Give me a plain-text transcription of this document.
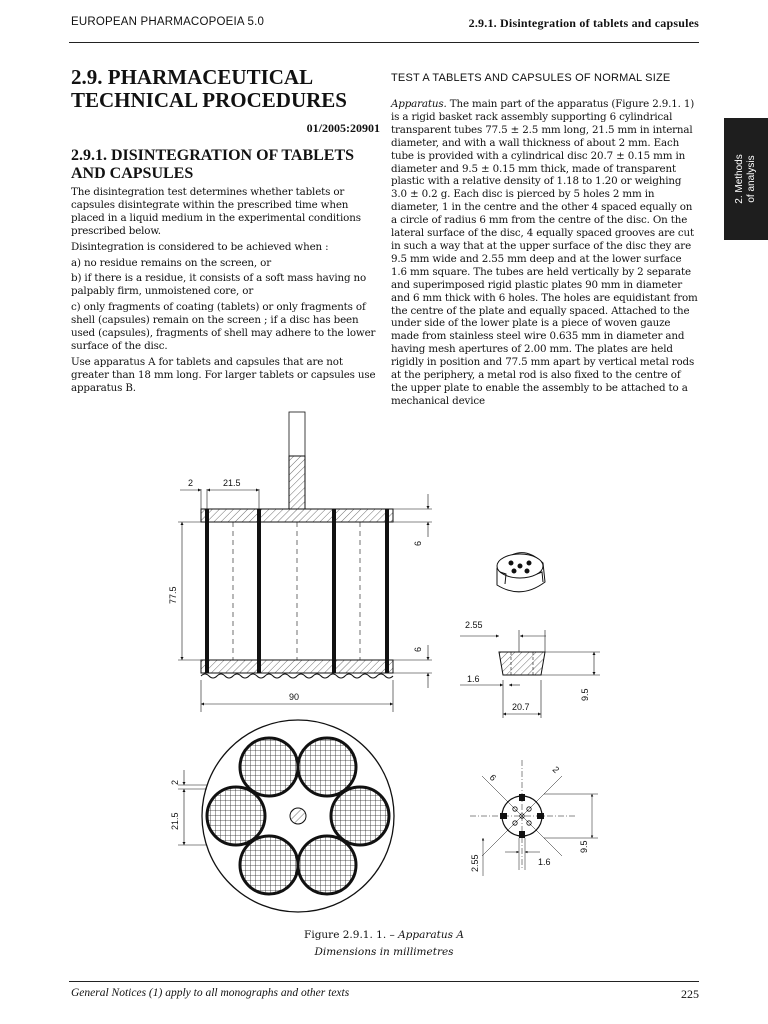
EUROPEAN PHARMACOPOEIA 5.0	2.9.1. Disintegration of tablets and capsules
2. Methods of analysis
2.9. PHARMACEUTICAL
TECHNICAL PROCEDURES
01/2005:20901
2.9.1. DISINTEGRATION OF TABLETS
AND CAPSULES

The disintegration test determines whether tablets or capsules disintegrate within the prescribed time when placed in a liquid medium in the experimental conditions prescribed below.

Disintegration is considered to be achieved when :

a) no residue remains on the screen, or

b) if there is a residue, it consists of a soft mass having no palpably firm, unmoistened core, or

c) only fragments of coating (tablets) or only fragments of shell (capsules) remain on the screen ; if a disc has been used (capsules), fragments of shell may adhere to the lower surface of the disc.

Use apparatus A for tablets and capsules that are not greater than 18 mm long. For larger tablets or capsules use apparatus B.

TEST A TABLETS AND CAPSULES OF NORMAL SIZE

Apparatus. The main part of the apparatus (Figure 2.9.1. 1) is a rigid basket rack assembly supporting 6 cylindrical transparent tubes 77.5 ± 2.5 mm long, 21.5 mm in internal diameter, and with a wall thickness of about 2 mm. Each tube is provided with a cylindrical disc 20.7 ± 0.15 mm in diameter and 9.5 ± 0.15 mm thick, made of transparent plastic with a relative density of 1.18 to 1.20 or weighing 3.0 ± 0.2 g. Each disc is pierced by 5 holes 2 mm in diameter, 1 in the centre and the other 4 spaced equally on a circle of radius 6 mm from the centre of the disc. On the lateral surface of the disc, 4 equally spaced grooves are cut in such a way that at the upper surface of the disc they are 9.5 mm wide and 2.55 mm deep and at the lower surface 1.6 mm square. The tubes are held vertically by 2 separate and superimposed rigid plastic plates 90 mm in diameter and 6 mm thick with 6 holes. The holes are equidistant from the centre of the plate and equally spaced. Attached to the under side of the lower plate is a piece of woven gauze made from stainless steel wire 0.635 mm in diameter and having mesh apertures of 2.00 mm. The plates are held rigidly in position and 77.5 mm apart by vertical metal rods at the periphery, a metal rod is also fixed to the centre of the upper plate to enable the assembly to be attached to a mechanical device

2	21.5
77.5
6
6
90
2.55
1.6
20.7
9.5
2
21.5
6
2
9.5
2.55	1.6
Figure 2.9.1. 1. – Apparatus A
Dimensions in millimetres
General Notices (1) apply to all monographs and other texts	225
